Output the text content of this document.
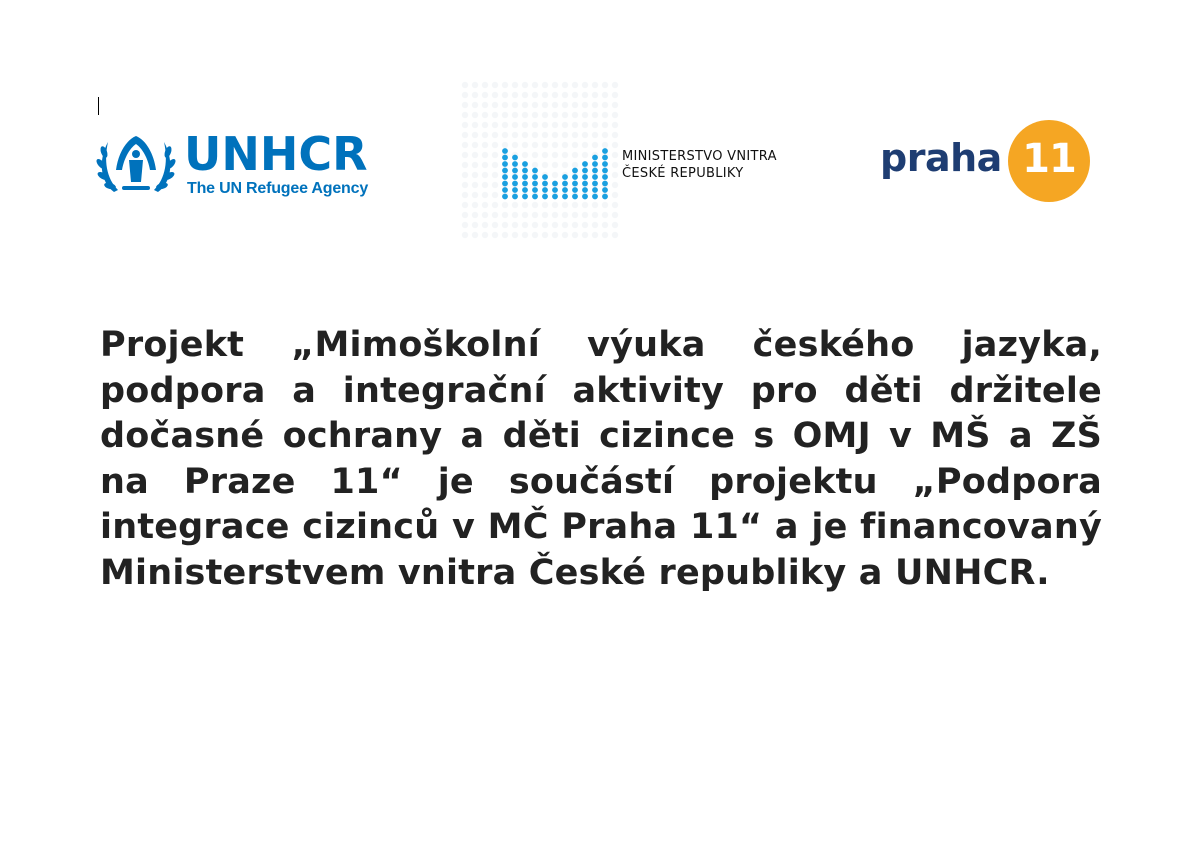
UNHCR
The UN Refugee Agency
MINISTERSTVO VNITRA
ČESKÉ REPUBLIKY	praha 11

Projekt „Mimoškolní výuka českého jazyka, podpora a integrační aktivity pro děti držitele dočasné ochrany a děti cizince s OMJ v MŠ a ZŠ na Praze 11“ je součástí projektu „Podpora integrace cizinců v MČ Praha 11“ a je financovaný Ministerstvem vnitra České republiky a UNHCR.
